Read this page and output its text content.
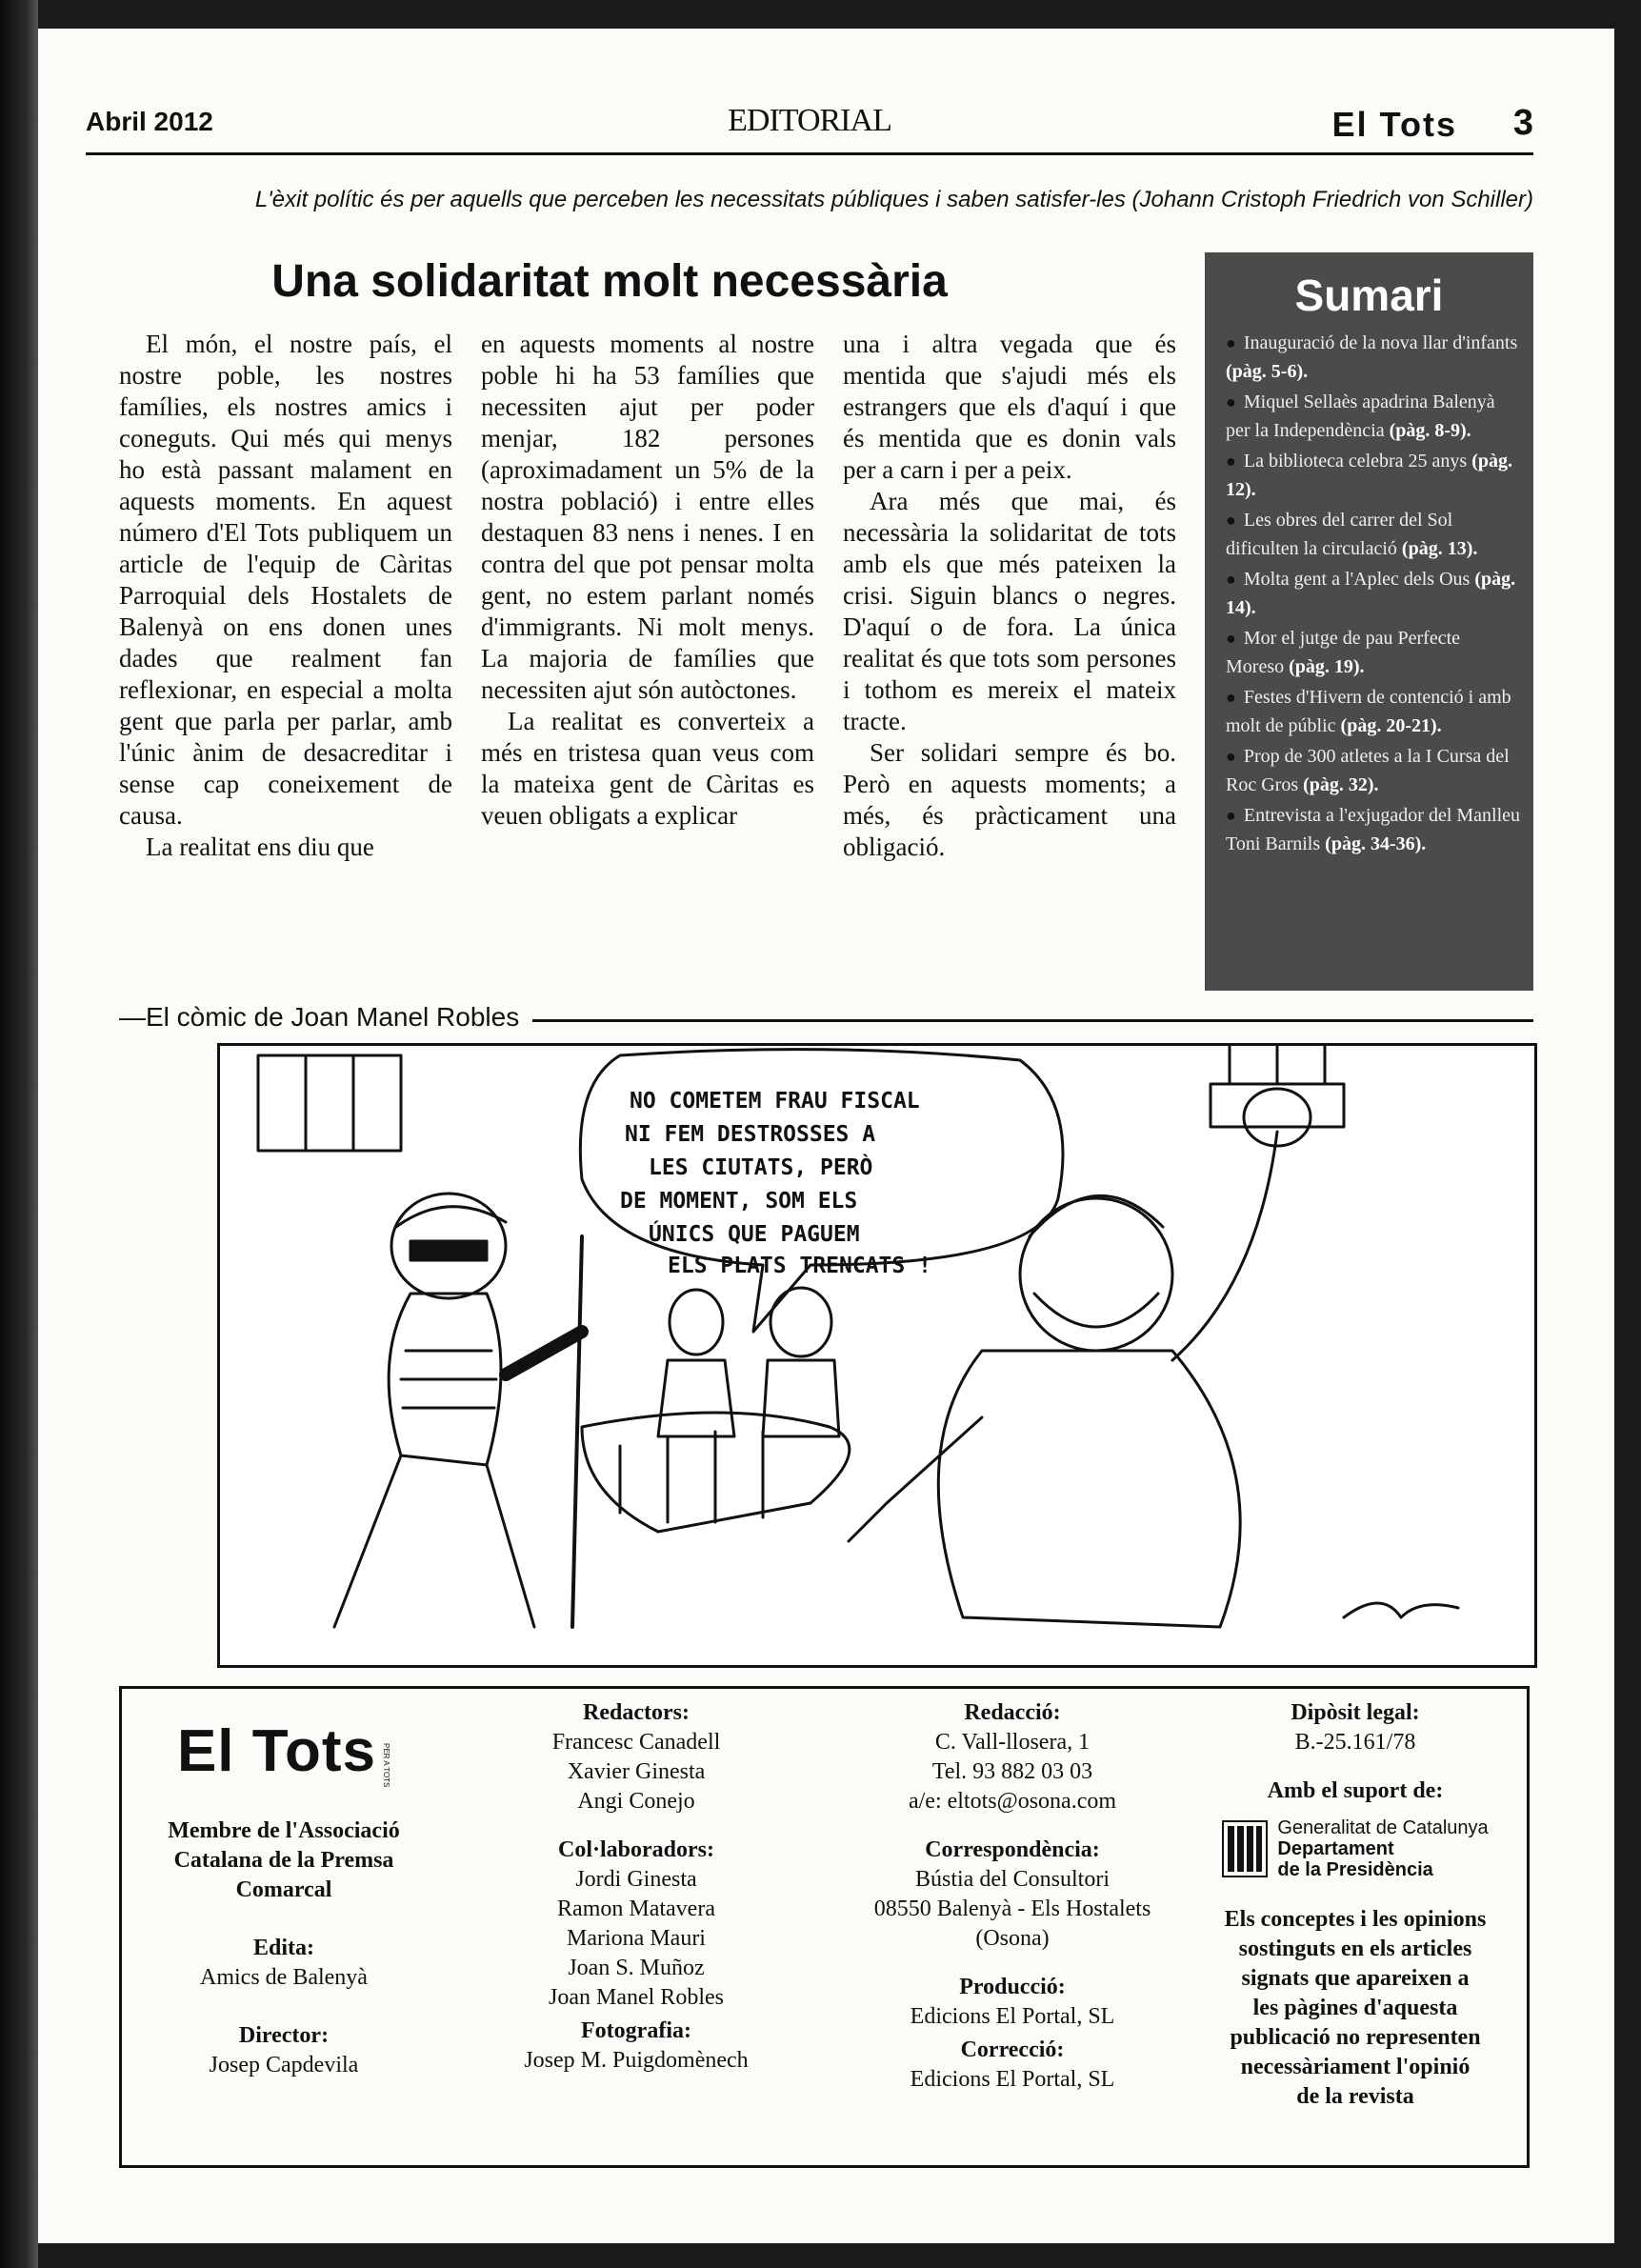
Abril 2012	EDITORIAL	El Tots 3
L'èxit polític és per aquells que perceben les necessitats públiques i saben satisfer-les (Johann Cristoph Friedrich von Schiller)
Una solidaritat molt necessària

El món, el nostre país, el nostre poble, les nostres famílies, els nostres amics i coneguts. Qui més qui menys ho està passant malament en aquests moments. En aquest número d'El Tots publiquem un article de l'equip de Càritas Parroquial dels Hostalets de Balenyà on ens donen unes dades que realment fan reflexionar, en especial a molta gent que parla per parlar, amb l'únic ànim de desacreditar i sense cap coneixement de causa.

La realitat ens diu que

en aquests moments al nostre poble hi ha 53 famílies que necessiten ajut per poder menjar, 182 persones (aproximadament un 5% de la nostra població) i entre elles destaquen 83 nens i nenes. I en contra del que pot pensar molta gent, no estem parlant només d'immigrants. Ni molt menys. La majoria de famílies que necessiten ajut són autòctones.

La realitat es converteix a més en tristesa quan veus com la mateixa gent de Càritas es veuen obligats a explicar

una i altra vegada que és mentida que s'ajudi més els estrangers que els d'aquí i que és mentida que es donin vals per a carn i per a peix.

Ara més que mai, és necessària la solidaritat de tots amb els que més pateixen la crisi. Siguin blancs o negres. D'aquí o de fora. La única realitat és que tots som persones i tothom es mereix el mateix tracte.

Ser solidari sempre és bo. Però en aquests moments; a més, és pràcticament una obligació.

Sumari
● Inauguració de la nova llar d'infants (pàg. 5-6).
● Miquel Sellaès apadrina Balenyà per la Independència (pàg. 8-9).
● La biblioteca celebra 25 anys (pàg. 12).
● Les obres del carrer del Sol dificulten la circulació (pàg. 13).
● Molta gent a l'Aplec dels Ous (pàg. 14).
● Mor el jutge de pau Perfecte Moreso (pàg. 19).
● Festes d'Hivern de contenció i amb molt de públic (pàg. 20-21).
● Prop de 300 atletes a la I Cursa del Roc Gros (pàg. 32).
● Entrevista a l'exjugador del Manlleu Toni Barnils (pàg. 34-36).
—El còmic de Joan Manel Robles
NO COMETEM FRAU FISCAL
NI FEM DESTROSSES A
LES CIUTATS, PERÒ
DE MOMENT, SOM ELS
ÚNICS QUE PAGUEM
ELS PLATS TRENCATS !
El Tots PER A TOTS
Membre de l'Associació
Catalana de la Premsa
Comarcal
Edita:
Amics de Balenyà
Director:
Josep Capdevila
Redactors:
Francesc Canadell
Xavier Ginesta
Angi Conejo
Col·laboradors:
Jordi Ginesta
Ramon Matavera
Mariona Mauri
Joan S. Muñoz
Joan Manel Robles
Fotografia:
Josep M. Puigdomènech
Redacció:
C. Vall-llosera, 1
Tel. 93 882 03 03
a/e: eltots@osona.com
Correspondència:
Bústia del Consultori
08550 Balenyà - Els Hostalets
(Osona)
Producció:
Edicions El Portal, SL
Correcció:
Edicions El Portal, SL
Dipòsit legal:
B.-25.161/78
Amb el suport de:
Generalitat de Catalunya
Departament
de la Presidència
Els conceptes i les opinions
sostinguts en els articles
signats que apareixen a
les pàgines d'aquesta
publicació no representen
necessàriament l'opinió
de la revista
